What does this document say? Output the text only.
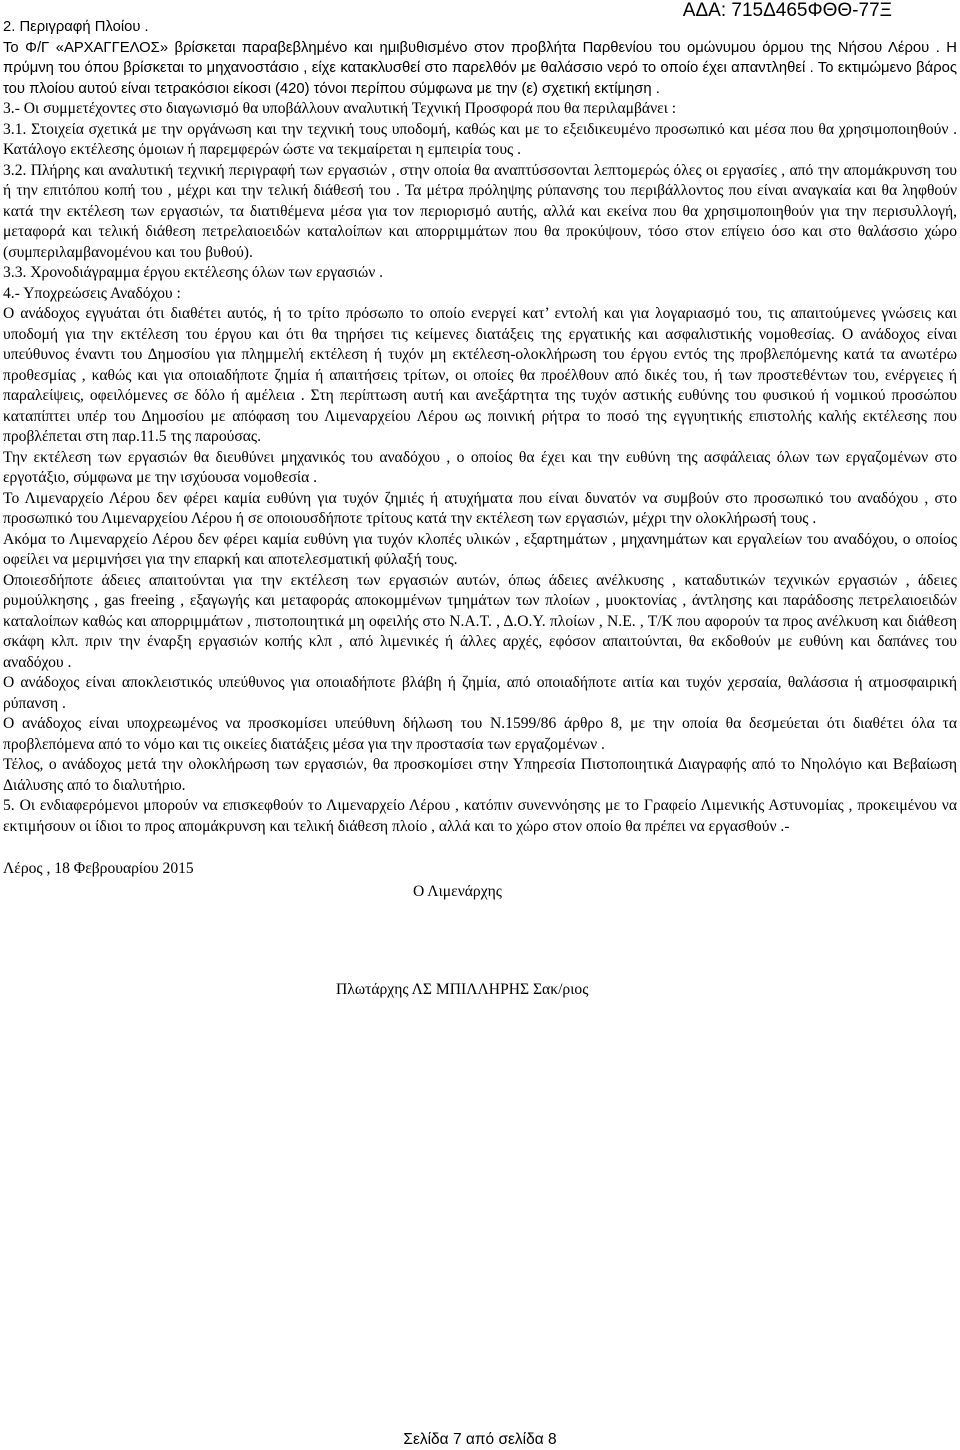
ΑΔΑ: 715Δ465ΦΘΘ-77Ξ

2. Περιγραφή Πλοίου .

Το Φ/Γ «ΑΡΧΑΓΓΕΛΟΣ» βρίσκεται παραβεβλημένο και ημιβυθισμένο στον προβλήτα Παρθενίου του ομώνυμου όρμου της Νήσου Λέρου . Η πρύμνη του όπου βρίσκεται το μηχανοστάσιο , είχε κατακλυσθεί στο παρελθόν με θαλάσσιο νερό το οποίο έχει απαντληθεί . Το εκτιμώμενο βάρος του πλοίου αυτού είναι τετρακόσιοι είκοσι (420) τόνοι περίπου σύμφωνα με την (ε) σχετική εκτίμηση .

3.- Οι συμμετέχοντες στο διαγωνισμό θα υποβάλλουν αναλυτική Τεχνική Προσφορά που θα περιλαμβάνει :

3.1. Στοιχεία σχετικά με την οργάνωση και την τεχνική τους υποδομή, καθώς και με το εξειδικευμένο προσωπικό και μέσα που θα χρησιμοποιηθούν . Κατάλογο εκτέλεσης όμοιων ή παρεμφερών ώστε να τεκμαίρεται η εμπειρία τους .

3.2. Πλήρης και αναλυτική τεχνική περιγραφή των εργασιών , στην οποία θα αναπτύσσονται λεπτομερώς όλες οι εργασίες , από την απομάκρυνση του ή την επιτόπου κοπή του , μέχρι και την τελική διάθεσή του . Τα μέτρα πρόληψης ρύπανσης του περιβάλλοντος που είναι αναγκαία και θα ληφθούν κατά την εκτέλεση των εργασιών, τα διατιθέμενα μέσα για τον περιορισμό αυτής, αλλά και εκείνα που θα χρησιμοποιηθούν για την περισυλλογή, μεταφορά και τελική διάθεση πετρελαιοειδών καταλοίπων και απορριμμάτων που θα προκύψουν, τόσο στον επίγειο όσο και στο θαλάσσιο χώρο (συμπεριλαμβανομένου και του βυθού).

3.3. Χρονοδιάγραμμα έργου εκτέλεσης όλων των εργασιών .

4.- Υποχρεώσεις Αναδόχου :

Ο ανάδοχος εγγυάται ότι διαθέτει αυτός, ή το τρίτο πρόσωπο το οποίο ενεργεί κατ’ εντολή και για λογαριασμό του, τις απαιτούμενες γνώσεις και υποδομή για την εκτέλεση του έργου και ότι θα τηρήσει τις κείμενες διατάξεις της εργατικής και ασφαλιστικής νομοθεσίας. Ο ανάδοχος είναι υπεύθυνος έναντι του Δημοσίου για πλημμελή εκτέλεση ή τυχόν μη εκτέλεση-ολοκλήρωση του έργου εντός της προβλεπόμενης κατά τα ανωτέρω προθεσμίας , καθώς και για οποιαδήποτε ζημία ή απαιτήσεις τρίτων, οι οποίες θα προέλθουν από δικές του, ή των προστεθέντων του, ενέργειες ή παραλείψεις, οφειλόμενες σε δόλο ή αμέλεια . Στη περίπτωση αυτή και ανεξάρτητα της τυχόν αστικής ευθύνης του φυσικού ή νομικού προσώπου καταπίπτει υπέρ του Δημοσίου με απόφαση του Λιμεναρχείου Λέρου ως ποινική ρήτρα το ποσό της εγγυητικής επιστολής καλής εκτέλεσης που προβλέπεται στη παρ.11.5 της παρούσας.

Την εκτέλεση των εργασιών θα διευθύνει μηχανικός του αναδόχου , ο οποίος θα έχει και την ευθύνη της ασφάλειας όλων των εργαζομένων στο εργοτάξιο, σύμφωνα με την ισχύουσα νομοθεσία .

Το Λιμεναρχείο Λέρου δεν φέρει καμία ευθύνη για τυχόν ζημιές ή ατυχήματα που είναι δυνατόν να συμβούν στο προσωπικό του αναδόχου , στο προσωπικό του Λιμεναρχείου Λέρου ή σε οποιουσδήποτε τρίτους κατά την εκτέλεση των εργασιών, μέχρι την ολοκλήρωσή τους .

Ακόμα το Λιμεναρχείο Λέρου δεν φέρει καμία ευθύνη για τυχόν κλοπές υλικών , εξαρτημάτων , μηχανημάτων και εργαλείων του αναδόχου, ο οποίος οφείλει να μεριμνήσει για την επαρκή και αποτελεσματική φύλαξή τους.

Οποιεσδήποτε άδειες απαιτούνται για την εκτέλεση των εργασιών αυτών, όπως άδειες ανέλκυσης , καταδυτικών τεχνικών εργασιών , άδειες ρυμούλκησης , gas freeing , εξαγωγής και μεταφοράς αποκομμένων τμημάτων των πλοίων , μυοκτονίας , άντλησης και παράδοσης πετρελαιοειδών καταλοίπων καθώς και απορριμμάτων , πιστοποιητικά μη οφειλής στο Ν.Α.Τ. , Δ.Ο.Υ. πλοίων , Ν.Ε. , Τ/Κ που αφορούν τα προς ανέλκυση και διάθεση σκάφη κλπ. πριν την έναρξη εργασιών κοπής κλπ , από λιμενικές ή άλλες αρχές, εφόσον απαιτούνται, θα εκδοθούν με ευθύνη και δαπάνες του αναδόχου .

Ο ανάδοχος είναι αποκλειστικός υπεύθυνος για οποιαδήποτε βλάβη ή ζημία, από οποιαδήποτε αιτία και τυχόν χερσαία, θαλάσσια ή ατμοσφαιρική ρύπανση .

Ο ανάδοχος είναι υποχρεωμένος να προσκομίσει υπεύθυνη δήλωση του Ν.1599/86 άρθρο 8, με την οποία θα δεσμεύεται ότι διαθέτει όλα τα προβλεπόμενα από το νόμο και τις οικείες διατάξεις μέσα για την προστασία των εργαζομένων .

Τέλος, ο ανάδοχος μετά την ολοκλήρωση των εργασιών, θα προσκομίσει στην Υπηρεσία Πιστοποιητικά Διαγραφής από το Νηολόγιο και Βεβαίωση Διάλυσης από το διαλυτήριο.

5. Οι ενδιαφερόμενοι μπορούν να επισκεφθούν το Λιμεναρχείο Λέρου , κατόπιν συνεννόησης με το Γραφείο Λιμενικής Αστυνομίας , προκειμένου να εκτιμήσουν οι ίδιοι το προς απομάκρυνση και τελική διάθεση πλοίο , αλλά και το χώρο στον οποίο θα πρέπει να εργασθούν .-

Λέρος , 18 Φεβρουαρίου 2015

Ο Λιμενάρχης

Πλωτάρχης ΛΣ ΜΠΙΛΛΗΡΗΣ Σακ/ριος

Σελίδα 7 από σελίδα 8
